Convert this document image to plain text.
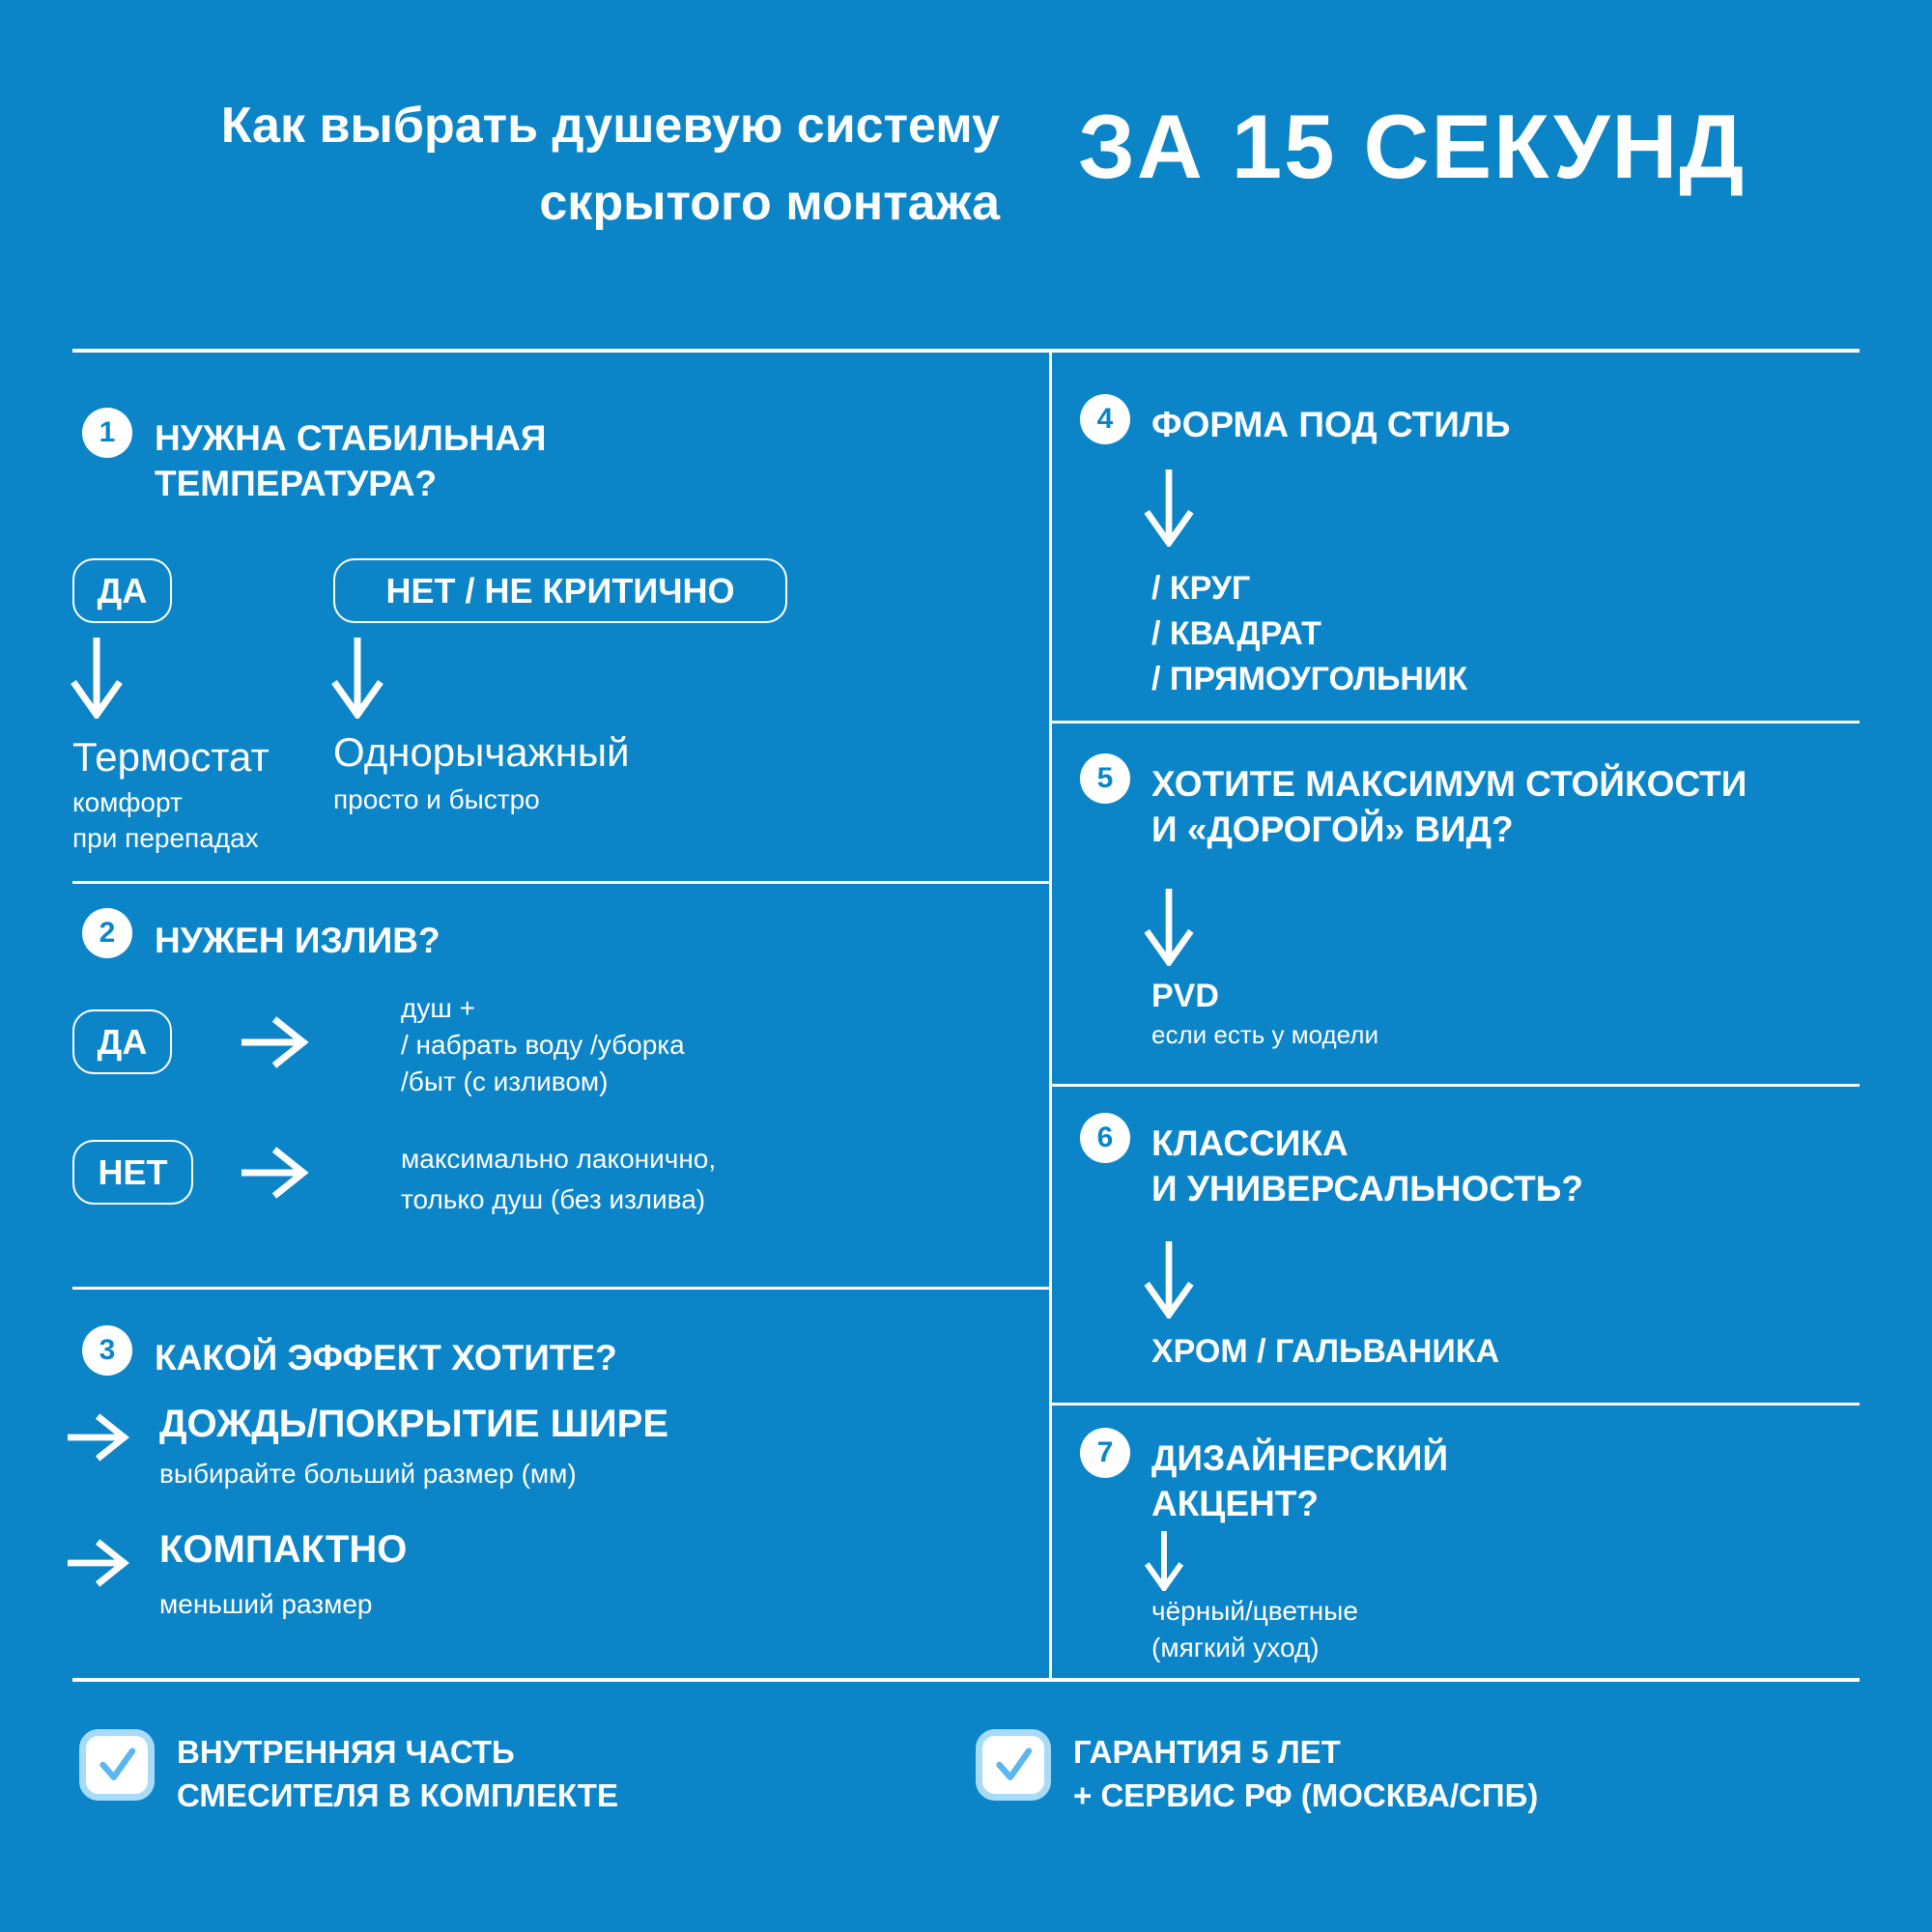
Как выбрать душевую систему
скрытого монтажа
ЗА 15 СЕКУНД
1 НУЖНА СТАБИЛЬНАЯ
ТЕМПЕРАТУРА?
ДА	НЕТ / НЕ КРИТИЧНО
Термостат
комфорт
при перепадах
Однорычажный
просто и быстро
2 НУЖЕН ИЗЛИВ?
ДА
душ +
/ набрать воду /уборка
/быт (с изливом)
НЕТ	максимально лаконично,
только душ (без излива)
3 КАКОЙ ЭФФЕКТ ХОТИТЕ?
ДОЖДЬ/ПОКРЫТИЕ ШИРЕ
выбирайте больший размер (мм)
КОМПАКТНО
меньший размер
4 ФОРМА ПОД СТИЛЬ
/ КРУГ
/ КВАДРАТ
/ ПРЯМОУГОЛЬНИК
5 ХОТИТЕ МАКСИМУМ СТОЙКОСТИ
И «ДОРОГОЙ» ВИД?
PVD
если есть у модели
6 КЛАССИКА
И УНИВЕРСАЛЬНОСТЬ?
ХРОМ / ГАЛЬВАНИКА
7 ДИЗАЙНЕРСКИЙ
АКЦЕНТ?
чёрный/цветные
(мягкий уход)
ВНУТРЕННЯЯ ЧАСТЬ
СМЕСИТЕЛЯ В КОМПЛЕКТЕ
ГАРАНТИЯ 5 ЛЕТ
+ СЕРВИС РФ (МОСКВА/СПБ)
